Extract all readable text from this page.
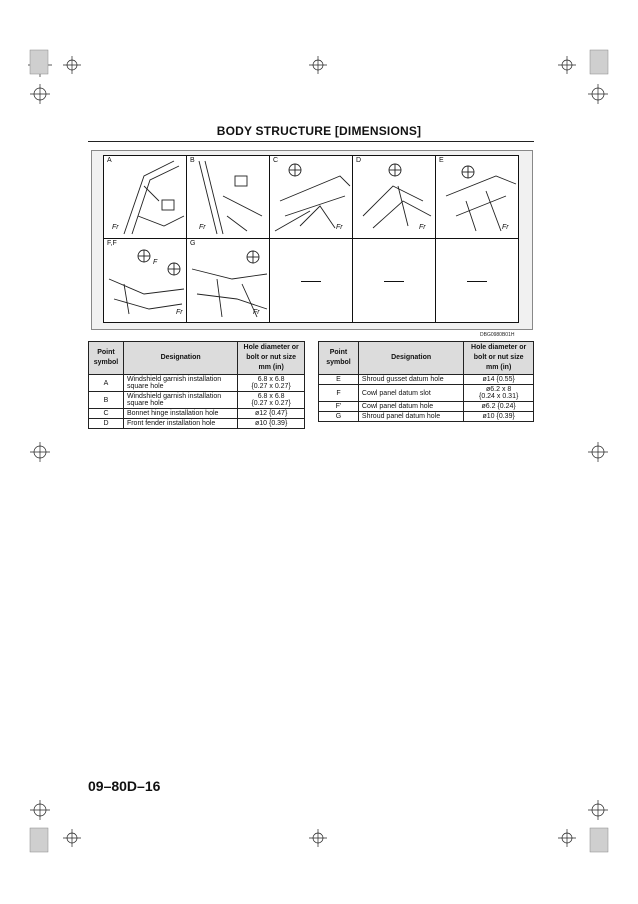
BODY STRUCTURE [DIMENSIONS]
A
Fr
B
Fr
C
Fr
D
Fr
E
Fr
F,F
F
Fr
G
Fr
DBG0980B01H
Point symbol	Designation	Hole diameter or bolt or nut size mm (in)
A	Windshield garnish installation square hole	6.8 x 6.8
{0.27 x 0.27}

B	Windshield garnish installation square hole	6.8 x 6.8
{0.27 x 0.27}

C	Bonnet hinge installation hole	ø12 {0.47}
D	Front fender installation hole	ø10 {0.39}
Point symbol	Designation	Hole diameter or bolt or nut size mm (in)
E	Shroud gusset datum hole	ø14 {0.55}
F	Cowl panel datum slot	ø6.2 x 8
{0.24 x 0.31}

F'	Cowl panel datum hole	ø6.2 {0.24}
G	Shroud panel datum hole	ø10 {0.39}
09–80D–16
